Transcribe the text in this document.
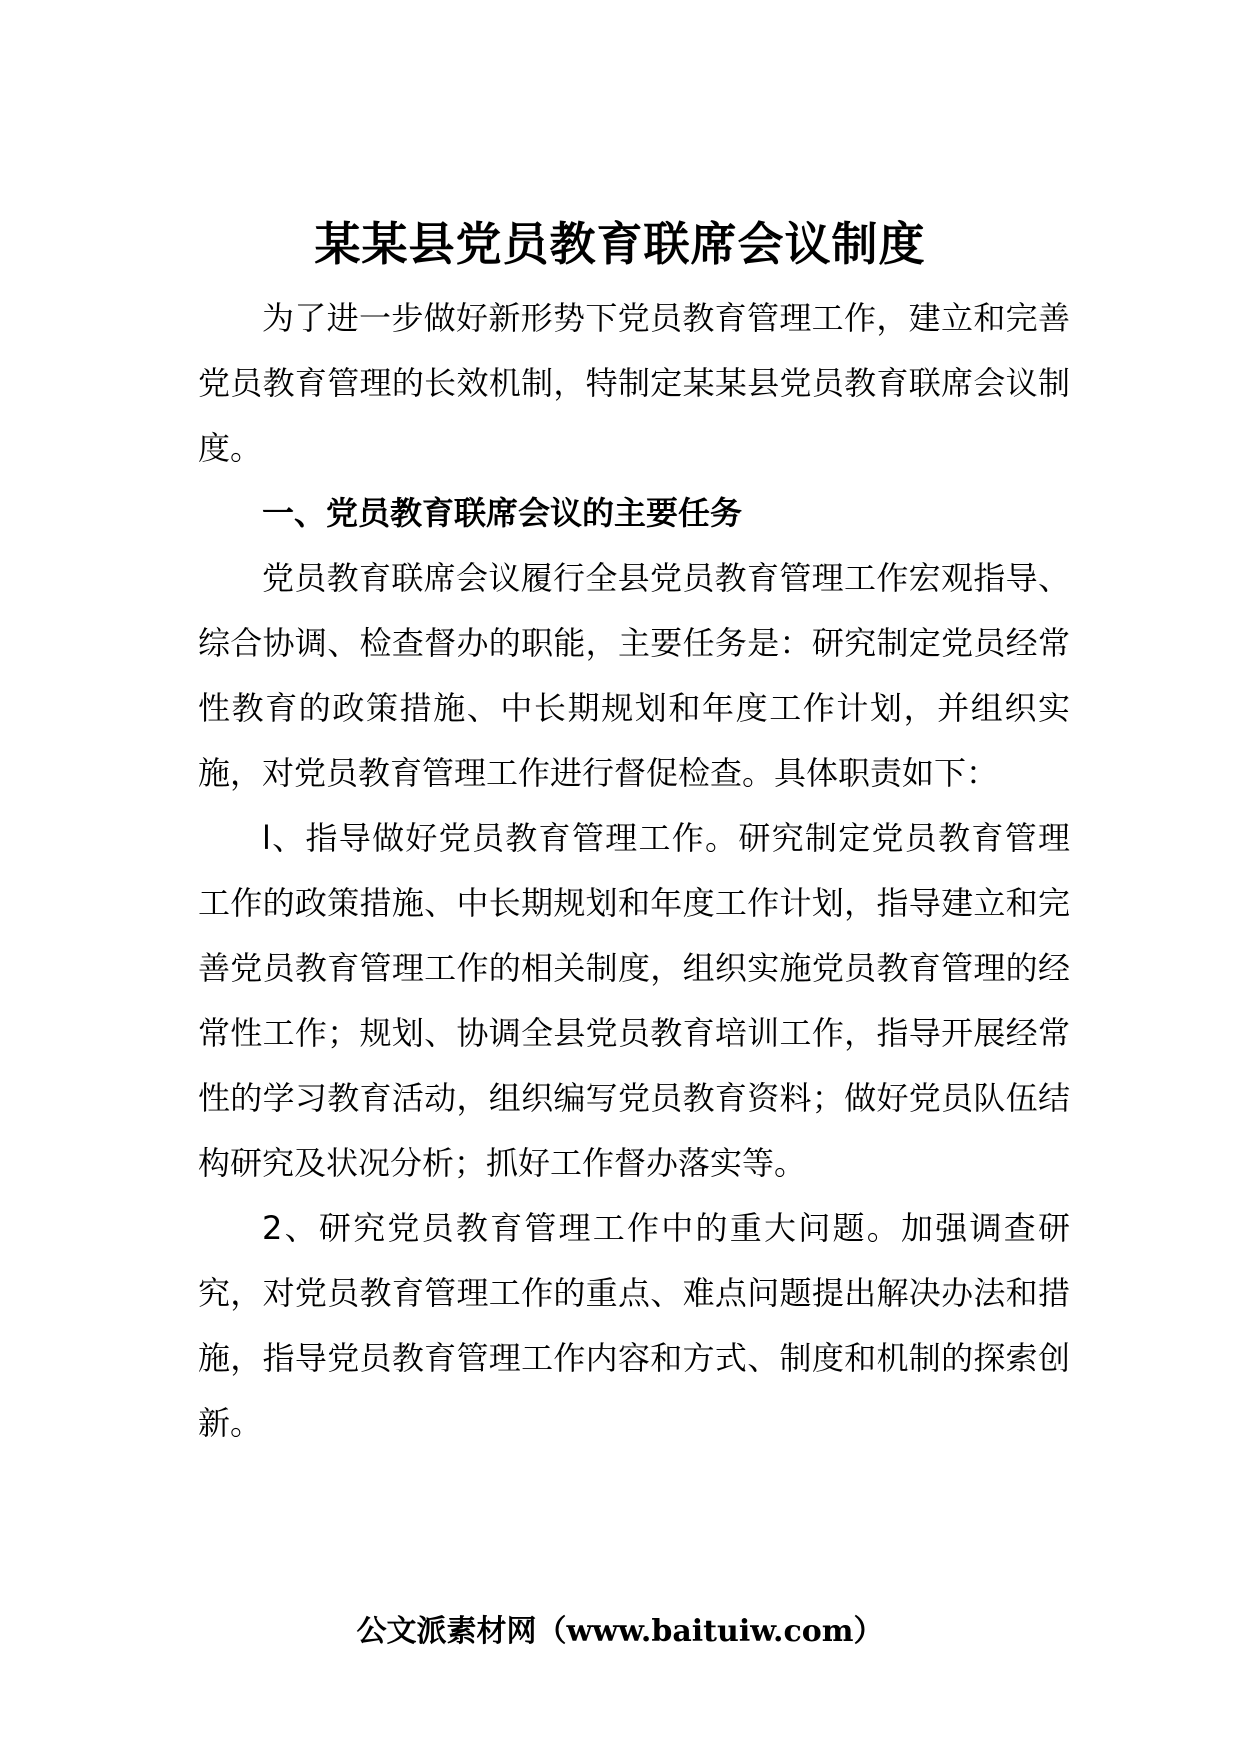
某某县党员教育联席会议制度

为了进一步做好新形势下党员教育管理工作，建立和完善党员教育管理的长效机制，特制定某某县党员教育联席会议制度。

一、党员教育联席会议的主要任务

党员教育联席会议履行全县党员教育管理工作宏观指导、综合协调、检查督办的职能，主要任务是：研究制定党员经常性教育的政策措施、中长期规划和年度工作计划，并组织实施，对党员教育管理工作进行督促检查。具体职责如下：

l、指导做好党员教育管理工作。研究制定党员教育管理工作的政策措施、中长期规划和年度工作计划，指导建立和完善党员教育管理工作的相关制度，组织实施党员教育管理的经常性工作；规划、协调全县党员教育培训工作，指导开展经常性的学习教育活动，组织编写党员教育资料；做好党员队伍结构研究及状况分析；抓好工作督办落实等。

2、研究党员教育管理工作中的重大问题。加强调查研究，对党员教育管理工作的重点、难点问题提出解决办法和措施，指导党员教育管理工作内容和方式、制度和机制的探索创新。

公文派素材网（www.baituiw.com）
